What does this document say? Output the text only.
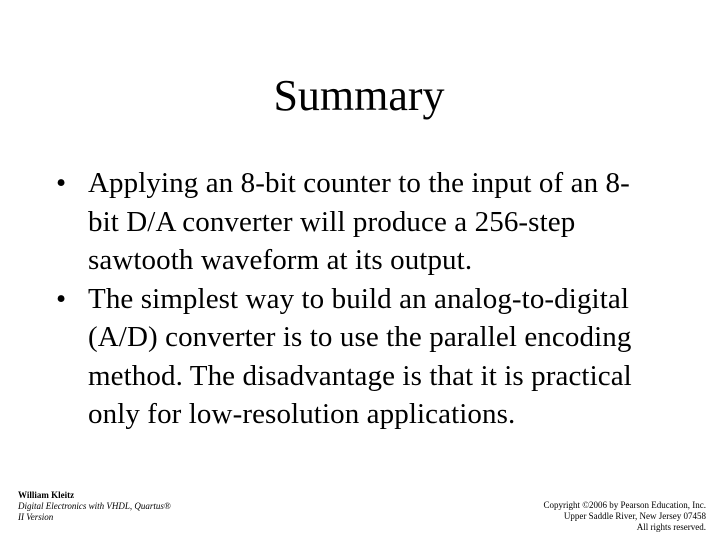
Summary
• Applying an 8-bit counter to the input of an 8-bit D/A converter will produce a 256-step sawtooth waveform at its output.
• The simplest way to build an analog-to-digital (A/D) converter is to use the parallel encoding method. The disadvantage is that it is practical only for low-resolution applications.
William Kleitz
Digital Electronics with VHDL, Quartus®
II Version
Copyright ©2006 by Pearson Education, Inc.
Upper Saddle River, New Jersey 07458
All rights reserved.
